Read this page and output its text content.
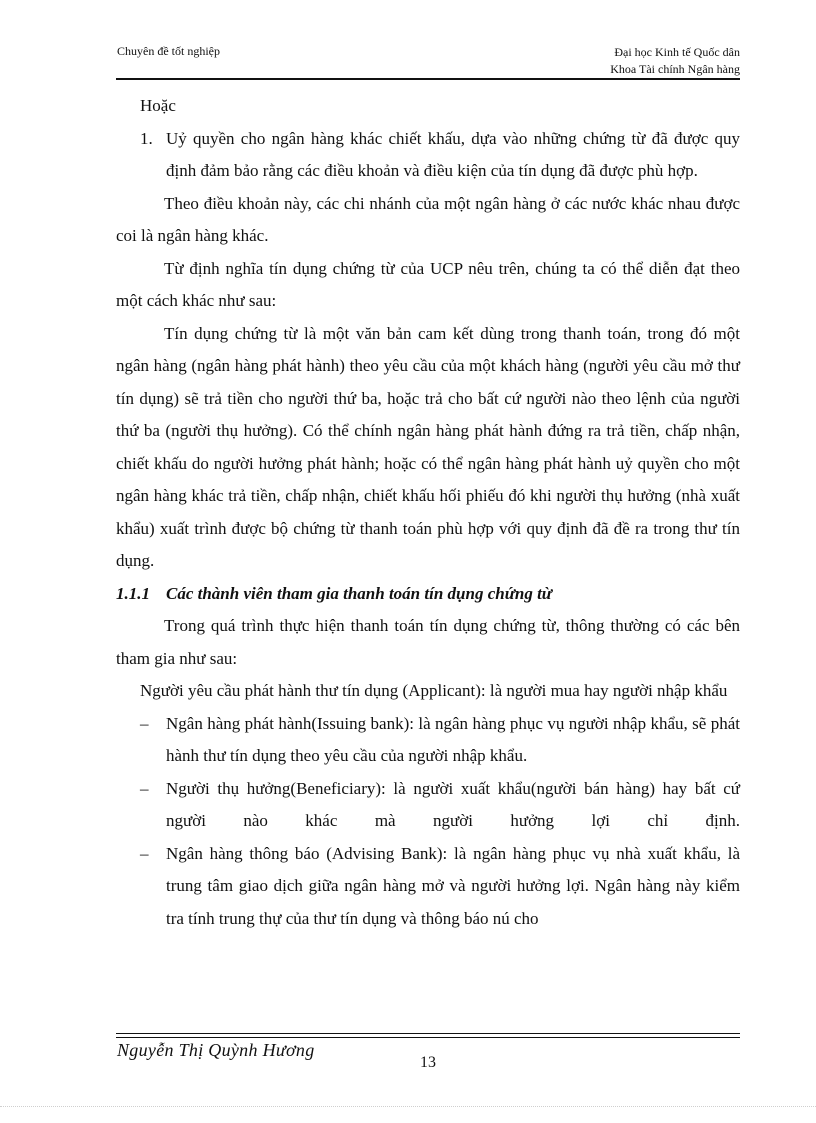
Chuyên đề tốt nghiệp	Đại học Kinh tế Quốc dân
Khoa Tài chính Ngân hàng

Hoặc

1. Uỷ quyền cho ngân hàng khác chiết khấu, dựa vào những chứng từ đã được quy định đảm bảo rằng các điều khoản và điều kiện của tín dụng đã được phù hợp.

Theo điều khoản này, các chi nhánh của một ngân hàng ở các nước khác nhau được coi là ngân hàng khác.

Từ định nghĩa tín dụng chứng từ của UCP nêu trên, chúng ta có thể diễn đạt theo một cách khác như sau:

Tín dụng chứng từ là một văn bản cam kết dùng trong thanh toán, trong đó một ngân hàng (ngân hàng phát hành) theo yêu cầu của một khách hàng (người yêu cầu mở thư tín dụng) sẽ trả tiền cho người thứ ba, hoặc trả cho bất cứ người nào theo lệnh của người thứ ba (người thụ hưởng). Có thể chính ngân hàng phát hành đứng ra trả tiền, chấp nhận, chiết khấu do người hưởng phát hành; hoặc có thể ngân hàng phát hành uỷ quyền cho một ngân hàng khác trả tiền, chấp nhận, chiết khấu hối phiếu đó khi người thụ hưởng (nhà xuất khẩu) xuất trình được bộ chứng từ thanh toán phù hợp với quy định đã đề ra trong thư tín dụng.

1.1.1 Các thành viên tham gia thanh toán tín dụng chứng từ

Trong quá trình thực hiện thanh toán tín dụng chứng từ, thông thường có các bên tham gia như sau:

Người yêu cầu phát hành thư tín dụng (Applicant): là người mua hay người nhập khẩu

–	Ngân hàng phát hành(Issuing bank): là ngân hàng phục vụ người nhập khẩu, sẽ phát hành thư tín dụng theo yêu cầu của người nhập khẩu.
–	Người thụ hưởng(Beneficiary): là người xuất khẩu(người bán hàng) hay bất cứ người nào khác mà người hưởng lợi chỉ định.
–	Ngân hàng thông báo (Advising Bank): là ngân hàng phục vụ nhà xuất khẩu, là trung tâm giao dịch giữa ngân hàng mở và người hưởng lợi. Ngân hàng này kiểm tra tính trung thự của thư tín dụng và thông báo nú cho
Nguyễn Thị Quỳnh Hương
13
